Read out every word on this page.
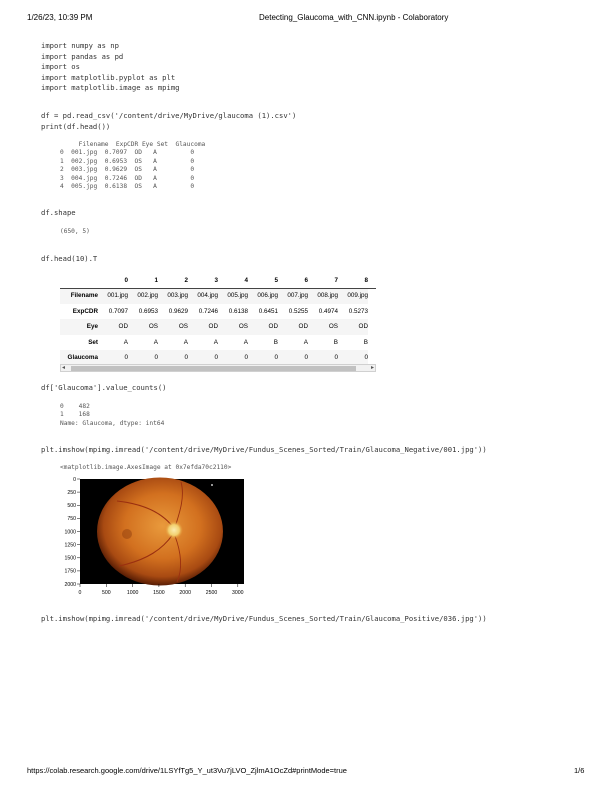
1/26/23, 10:39 PM	Detecting_Glaucoma_with_CNN.ipynb - Colaboratory
import numpy as np
import pandas as pd
import os
import matplotlib.pyplot as plt
import matplotlib.image as mpimg
df = pd.read_csv('/content/drive/MyDrive/glaucoma (1).csv')
print(df.head())
Filename  ExpCDR Eye Set  Glaucoma
0  001.jpg  0.7097  OD   A         0
1  002.jpg  0.6953  OS   A         0
2  003.jpg  0.9629  OS   A         0
3  004.jpg  0.7246  OD   A         0
4  005.jpg  0.6138  OS   A         0
df.shape
(650, 5)
df.head(10).T
	0	1	2	3	4	5	6	7	8
Filename	001.jpg	002.jpg	003.jpg	004.jpg	005.jpg	006.jpg	007.jpg	008.jpg	009.jpg
ExpCDR	0.7097	0.6953	0.9629	0.7246	0.6138	0.6451	0.5255	0.4974	0.5273
Eye	OD	OS	OS	OD	OS	OD	OD	OS	OD
Set	A	A	A	A	A	B	A	B	B
Glaucoma	0	0	0	0	0	0	0	0	0
◂	▸
df['Glaucoma'].value_counts()
0    482
1    168
Name: Glaucoma, dtype: int64
plt.imshow(mpimg.imread('/content/drive/MyDrive/Fundus_Scenes_Sorted/Train/Glaucoma_Negative/001.jpg'))
<matplotlib.image.AxesImage at 0x7efda70c2110>
0
250
500
750
1000
1250
1500
1750
2000
0	500	1000	1500	2000	2500	3000
plt.imshow(mpimg.imread('/content/drive/MyDrive/Fundus_Scenes_Sorted/Train/Glaucoma_Positive/036.jpg'))
https://colab.research.google.com/drive/1LSYfTg5_Y_ut3Vu7jLVO_ZjlmA1OcZd#printMode=true	1/6
